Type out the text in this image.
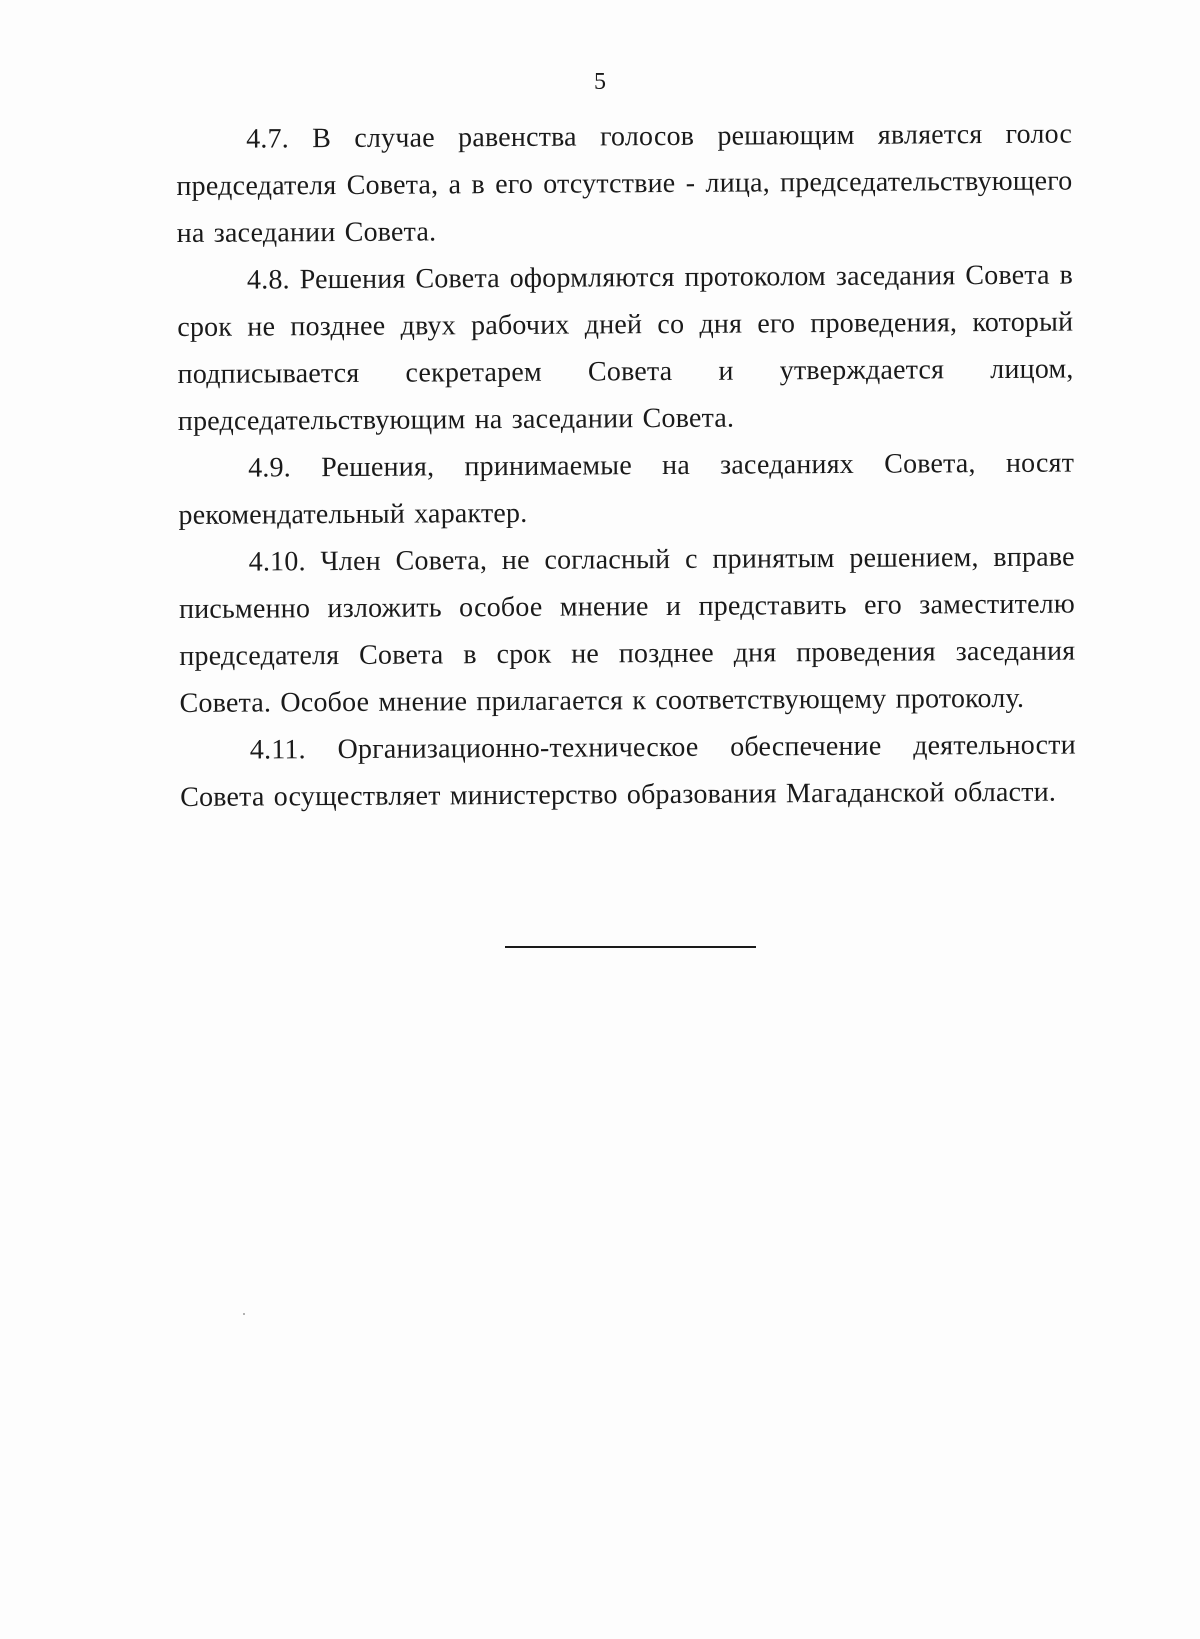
5

4.7. В случае равенства голосов решающим является голос председателя Совета, а в его отсутствие - лица, председательствующего на заседании Совета.

4.8. Решения Совета оформляются протоколом заседания Совета в срок не позднее двух рабочих дней со дня его проведения, который подписывается секретарем Совета и утверждается лицом, председательствующим на заседании Совета.

4.9. Решения, принимаемые на заседаниях Совета, носят рекомендательный характер.

4.10. Член Совета, не согласный с принятым решением, вправе письменно изложить особое мнение и представить его заместителю председателя Совета в срок не позднее дня проведения заседания Совета. Особое мнение прилагается к соответствующему протоколу.

4.11. Организационно-техническое обеспечение деятельности Совета осуществляет министерство образования Магаданской области.
